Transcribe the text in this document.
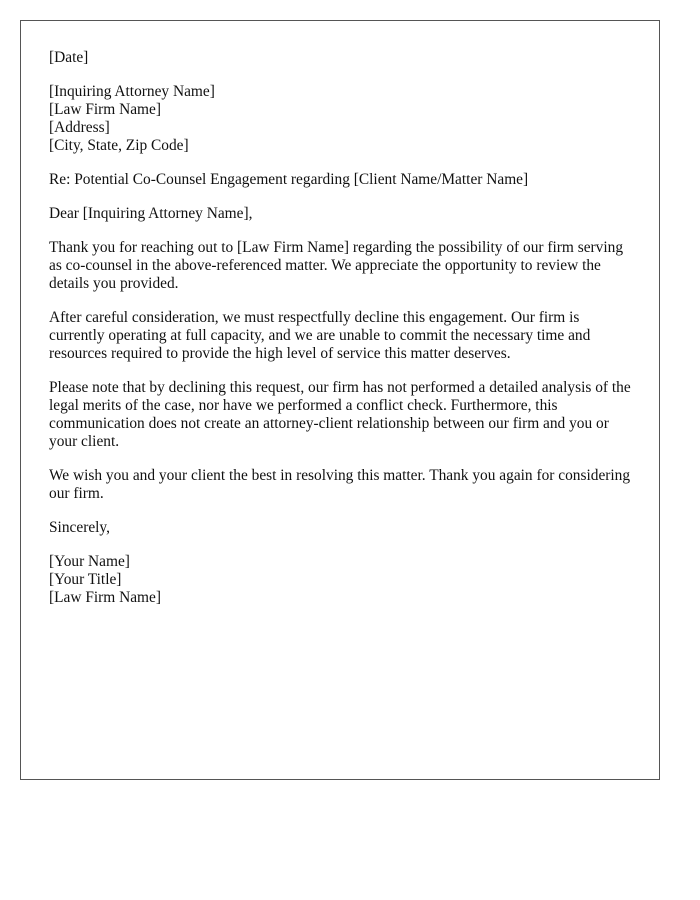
[Date]
[Inquiring Attorney Name]
[Law Firm Name]
[Address]
[City, State, Zip Code]
Re: Potential Co-Counsel Engagement regarding [Client Name/Matter Name]
Dear [Inquiring Attorney Name],

Thank you for reaching out to [Law Firm Name] regarding the possibility of our firm serving as co-counsel in the above-referenced matter. We appreciate the opportunity to review the details you provided.

After careful consideration, we must respectfully decline this engagement. Our firm is currently operating at full capacity, and we are unable to commit the necessary time and resources required to provide the high level of service this matter deserves.

Please note that by declining this request, our firm has not performed a detailed analysis of the legal merits of the case, nor have we performed a conflict check. Furthermore, this communication does not create an attorney-client relationship between our firm and you or your client.

We wish you and your client the best in resolving this matter. Thank you again for considering our firm.

Sincerely,
[Your Name]
[Your Title]
[Law Firm Name]
